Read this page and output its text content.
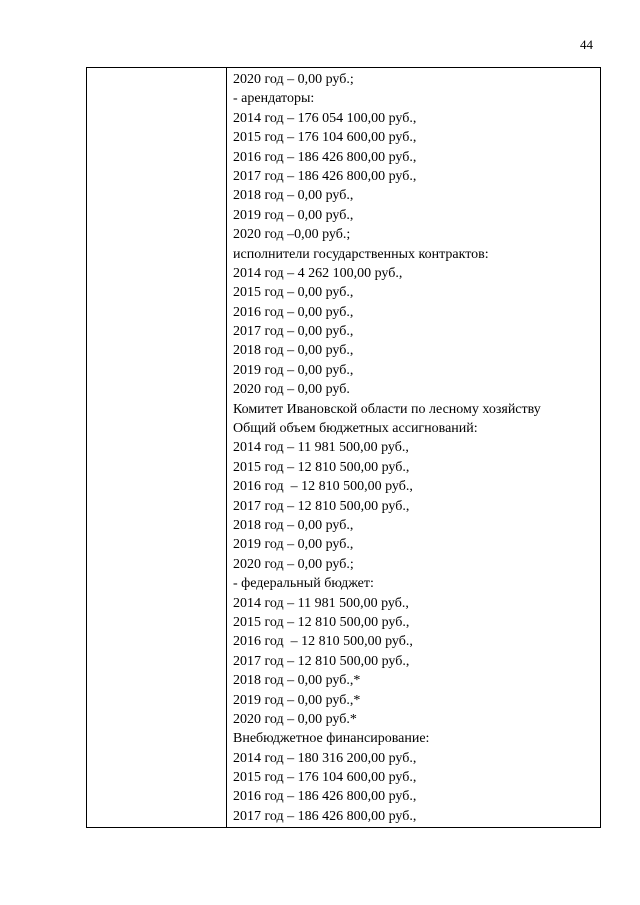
44
2020 год – 0,00 руб.;
- арендаторы:
2014 год – 176 054 100,00 руб.,
2015 год – 176 104 600,00 руб.,
2016 год – 186 426 800,00 руб.,
2017 год – 186 426 800,00 руб.,
2018 год – 0,00 руб.,
2019 год – 0,00 руб.,
2020 год –0,00 руб.;
исполнители государственных контрактов:
2014 год – 4 262 100,00 руб.,
2015 год – 0,00 руб.,
2016 год – 0,00 руб.,
2017 год – 0,00 руб.,
2018 год – 0,00 руб.,
2019 год – 0,00 руб.,
2020 год – 0,00 руб.
Комитет Ивановской области по лесному хозяйству
Общий объем бюджетных ассигнований:
2014 год – 11 981 500,00 руб.,
2015 год – 12 810 500,00 руб.,
2016 год  – 12 810 500,00 руб.,
2017 год – 12 810 500,00 руб.,
2018 год – 0,00 руб.,
2019 год – 0,00 руб.,
2020 год – 0,00 руб.;
- федеральный бюджет:
2014 год – 11 981 500,00 руб.,
2015 год – 12 810 500,00 руб.,
2016 год  – 12 810 500,00 руб.,
2017 год – 12 810 500,00 руб.,
2018 год – 0,00 руб.,*
2019 год – 0,00 руб.,*
2020 год – 0,00 руб.*
Внебюджетное финансирование:
2014 год – 180 316 200,00 руб.,
2015 год – 176 104 600,00 руб.,
2016 год – 186 426 800,00 руб.,
2017 год – 186 426 800,00 руб.,
